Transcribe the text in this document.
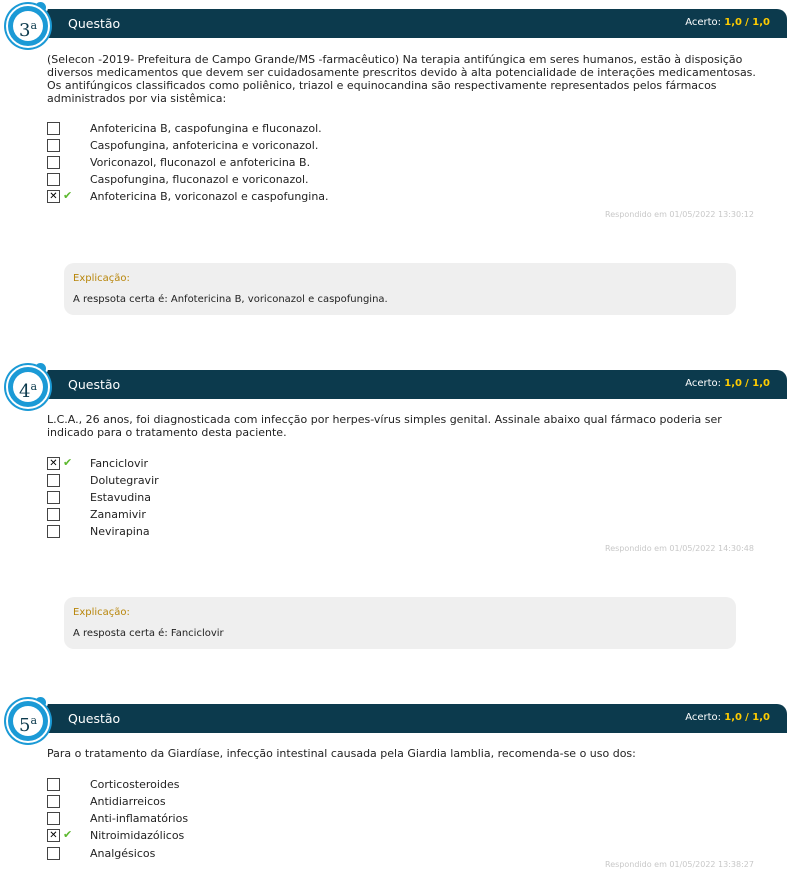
Questão	Acerto: 1,0 / 1,0
3$^a$
(Selecon -2019- Prefeitura de Campo Grande/MS -farmacêutico) Na terapia antifúngica em seres humanos, estão à disposição diversos medicamentos que devem ser cuidadosamente prescritos devido à alta potencialidade de interações medicamentosas. Os antifúngicos classificados como poliênico, triazol e equinocandina são respectivamente representados pelos fármacos administrados por via sistêmica:
Anfotericina B, caspofungina e fluconazol.
Caspofungina, anfotericina e voriconazol.
Voriconazol, fluconazol e anfotericina B.
Caspofungina, fluconazol e voriconazol.
✕ ✔ Anfotericina B, voriconazol e caspofungina.
Respondido em 01/05/2022 13:30:12
Explicação:
A respsota certa é: Anfotericina B, voriconazol e caspofungina.
Questão	Acerto: 1,0 / 1,0
4$^a$
L.C.A., 26 anos, foi diagnosticada com infecção por herpes-vírus simples genital. Assinale abaixo qual fármaco poderia ser indicado para o tratamento desta paciente.
✕ ✔ Fanciclovir
Dolutegravir
Estavudina
Zanamivir
Nevirapina
Respondido em 01/05/2022 14:30:48
Explicação:
A resposta certa é: Fanciclovir
Questão	Acerto: 1,0 / 1,0
5$^a$
Para o tratamento da Giardíase, infecção intestinal causada pela Giardia lamblia, recomenda-se o uso dos:
Corticosteroides
Antidiarreicos
Anti-inflamatórios
✕ ✔ Nitroimidazólicos
Analgésicos
Respondido em 01/05/2022 13:38:27
